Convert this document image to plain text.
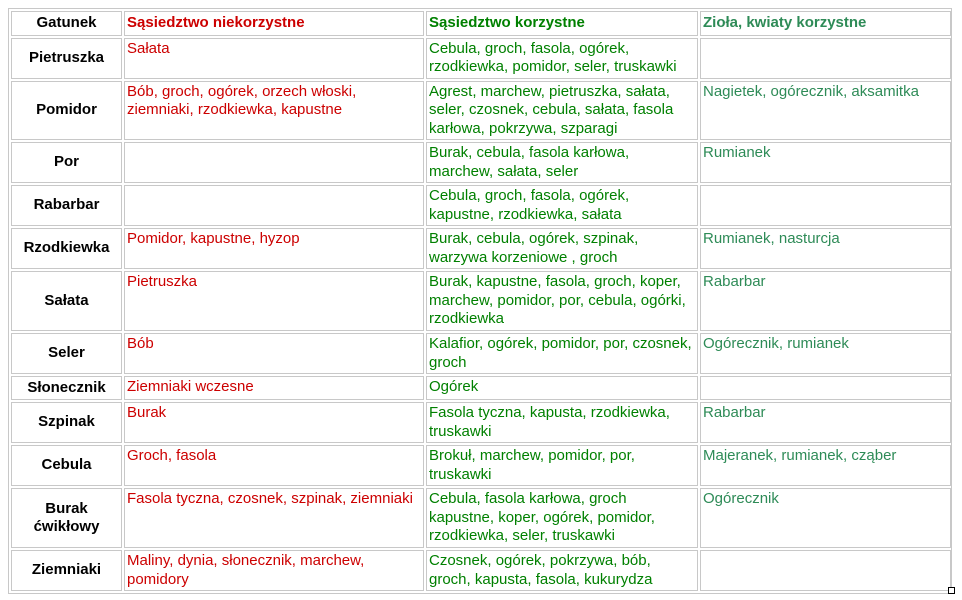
Gatunek	Sąsiedztwo niekorzystne	Sąsiedztwo korzystne	Zioła, kwiaty korzystne
Pietruszka	Sałata	Cebula, groch, fasola, ogórek, rzodkiewka, pomidor, seler, truskawki	
Pomidor	Bób, groch, ogórek, orzech włoski, ziemniaki, rzodkiewka, kapustne	Agrest, marchew, pietruszka, sałata, seler, czosnek, cebula, sałata, fasola karłowa, pokrzywa, szparagi	Nagietek, ogórecznik, aksamitka
Por		Burak, cebula, fasola karłowa, marchew, sałata, seler	Rumianek
Rabarbar		Cebula, groch, fasola, ogórek, kapustne, rzodkiewka, sałata	
Rzodkiewka	Pomidor, kapustne, hyzop	Burak, cebula, ogórek, szpinak, warzywa korzeniowe , groch	Rumianek, nasturcja
Sałata	Pietruszka	Burak, kapustne, fasola, groch, koper, marchew, pomidor, por, cebula, ogórki, rzodkiewka	Rabarbar
Seler	Bób	Kalafior, ogórek, pomidor, por, czosnek, groch	Ogórecznik, rumianek
Słonecznik	Ziemniaki wczesne	Ogórek	
Szpinak	Burak	Fasola tyczna, kapusta, rzodkiewka, truskawki	Rabarbar
Cebula	Groch, fasola	Brokuł, marchew, pomidor, por, truskawki	Majeranek, rumianek, cząber
Burak ćwikłowy	Fasola tyczna, czosnek, szpinak, ziemniaki	Cebula, fasola karłowa, groch kapustne, koper, ogórek, pomidor, rzodkiewka, seler, truskawki	Ogórecznik
Ziemniaki	Maliny, dynia, słonecznik, marchew, pomidory	Czosnek, ogórek, pokrzywa, bób, groch, kapusta, fasola, kukurydza	
